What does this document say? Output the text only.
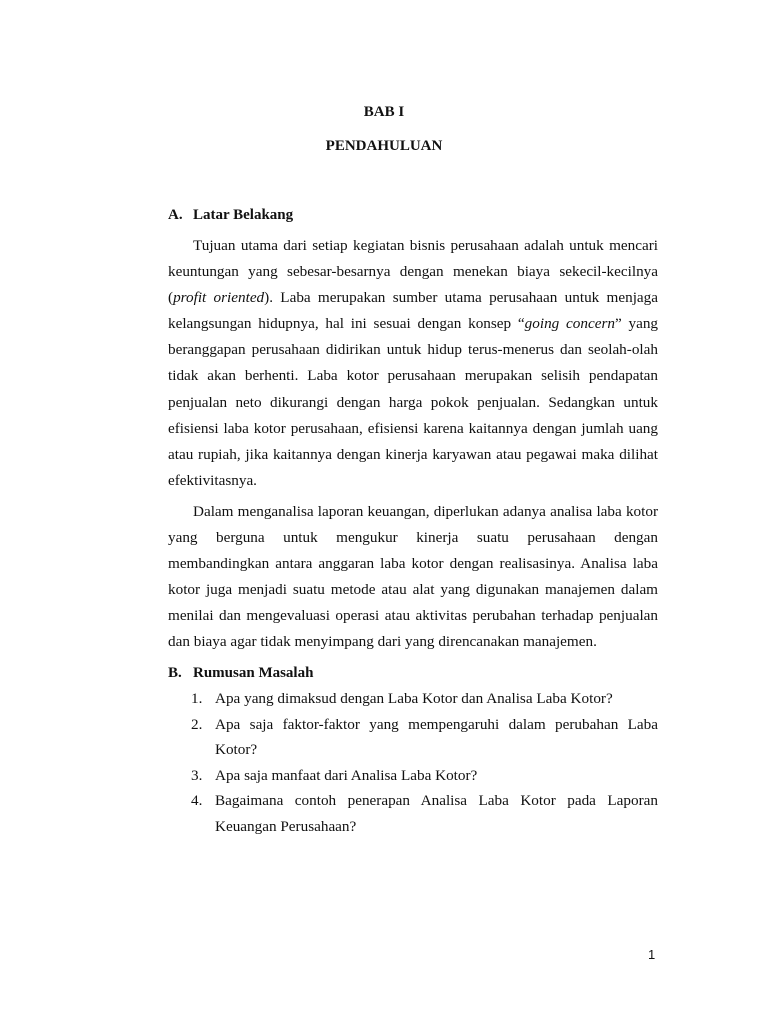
BAB I

PENDAHULUAN

A. Latar Belakang

Tujuan utama dari setiap kegiatan bisnis perusahaan adalah untuk mencari keuntungan yang sebesar-besarnya dengan menekan biaya sekecil-kecilnya (profit oriented). Laba merupakan sumber utama perusahaan untuk menjaga kelangsungan hidupnya, hal ini sesuai dengan konsep “going concern” yang beranggapan perusahaan didirikan untuk hidup terus-menerus dan seolah-olah tidak akan berhenti. Laba kotor perusahaan merupakan selisih pendapatan penjualan neto dikurangi dengan harga pokok penjualan. Sedangkan untuk efisiensi laba kotor perusahaan, efisiensi karena kaitannya dengan jumlah uang atau rupiah, jika kaitannya dengan kinerja karyawan atau pegawai maka dilihat efektivitasnya.

Dalam menganalisa laporan keuangan, diperlukan adanya analisa laba kotor yang berguna untuk mengukur kinerja suatu perusahaan dengan membandingkan antara anggaran laba kotor dengan realisasinya. Analisa laba kotor juga menjadi suatu metode atau alat yang digunakan manajemen dalam menilai dan mengevaluasi operasi atau aktivitas perubahan terhadap penjualan dan biaya agar tidak menyimpang dari yang direncanakan manajemen.

B. Rumusan Masalah

1. Apa yang dimaksud dengan Laba Kotor dan Analisa Laba Kotor?
2. Apa saja faktor-faktor yang mempengaruhi dalam perubahan Laba Kotor?
3. Apa saja manfaat dari Analisa Laba Kotor?
4. Bagaimana contoh penerapan Analisa Laba Kotor pada Laporan Keuangan Perusahaan?

1
